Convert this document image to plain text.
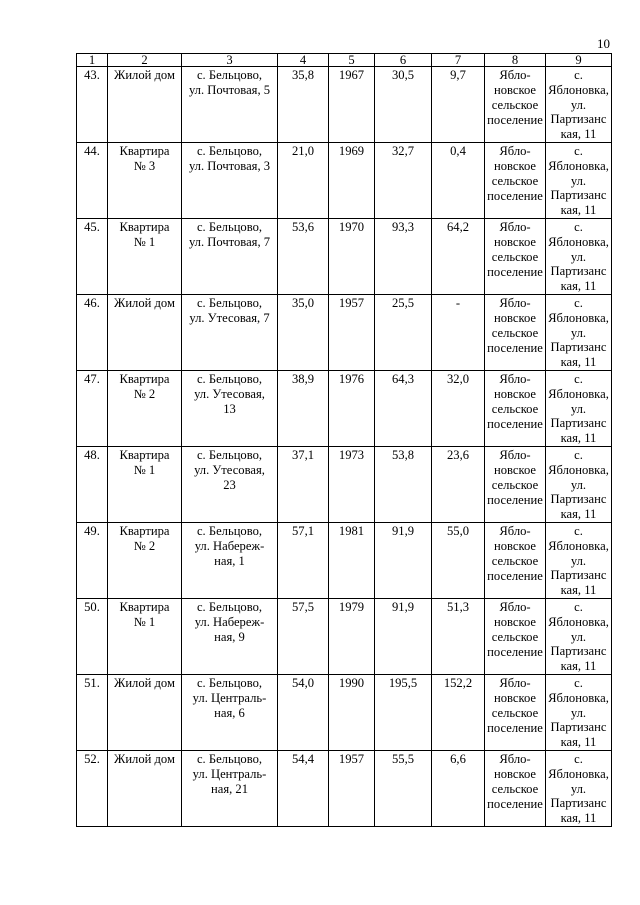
10
1	2	3	4	5	6	7	8	9
43.	Жилой дом	с. Бельцово,
ул. Почтовая, 5	35,8	1967	30,5	9,7	Ябло-
новское
сельское
поселение	с.
Яблоновка,
ул.
Партизанс
кая, 11
44.	Квартира
№ 3	с. Бельцово,
ул. Почтовая, 3	21,0	1969	32,7	0,4	Ябло-
новское
сельское
поселение	с.
Яблоновка,
ул.
Партизанс
кая, 11
45.	Квартира
№ 1	с. Бельцово,
ул. Почтовая, 7	53,6	1970	93,3	64,2	Ябло-
новское
сельское
поселение	с.
Яблоновка,
ул.
Партизанс
кая, 11
46.	Жилой дом	с. Бельцово,
ул. Утесовая, 7	35,0	1957	25,5	-	Ябло-
новское
сельское
поселение	с.
Яблоновка,
ул.
Партизанс
кая, 11
47.	Квартира
№ 2	с. Бельцово,
ул. Утесовая,
13	38,9	1976	64,3	32,0	Ябло-
новское
сельское
поселение	с.
Яблоновка,
ул.
Партизанс
кая, 11
48.	Квартира
№ 1	с. Бельцово,
ул. Утесовая,
23	37,1	1973	53,8	23,6	Ябло-
новское
сельское
поселение	с.
Яблоновка,
ул.
Партизанс
кая, 11
49.	Квартира
№ 2	с. Бельцово,
ул. Набереж-
ная, 1	57,1	1981	91,9	55,0	Ябло-
новское
сельское
поселение	с.
Яблоновка,
ул.
Партизанс
кая, 11
50.	Квартира
№ 1	с. Бельцово,
ул. Набереж-
ная, 9	57,5	1979	91,9	51,3	Ябло-
новское
сельское
поселение	с.
Яблоновка,
ул.
Партизанс
кая, 11
51.	Жилой дом	с. Бельцово,
ул. Централь-
ная, 6	54,0	1990	195,5	152,2	Ябло-
новское
сельское
поселение	с.
Яблоновка,
ул.
Партизанс
кая, 11
52.	Жилой дом	с. Бельцово,
ул. Централь-
ная, 21	54,4	1957	55,5	6,6	Ябло-
новское
сельское
поселение	с.
Яблоновка,
ул.
Партизанс
кая, 11
